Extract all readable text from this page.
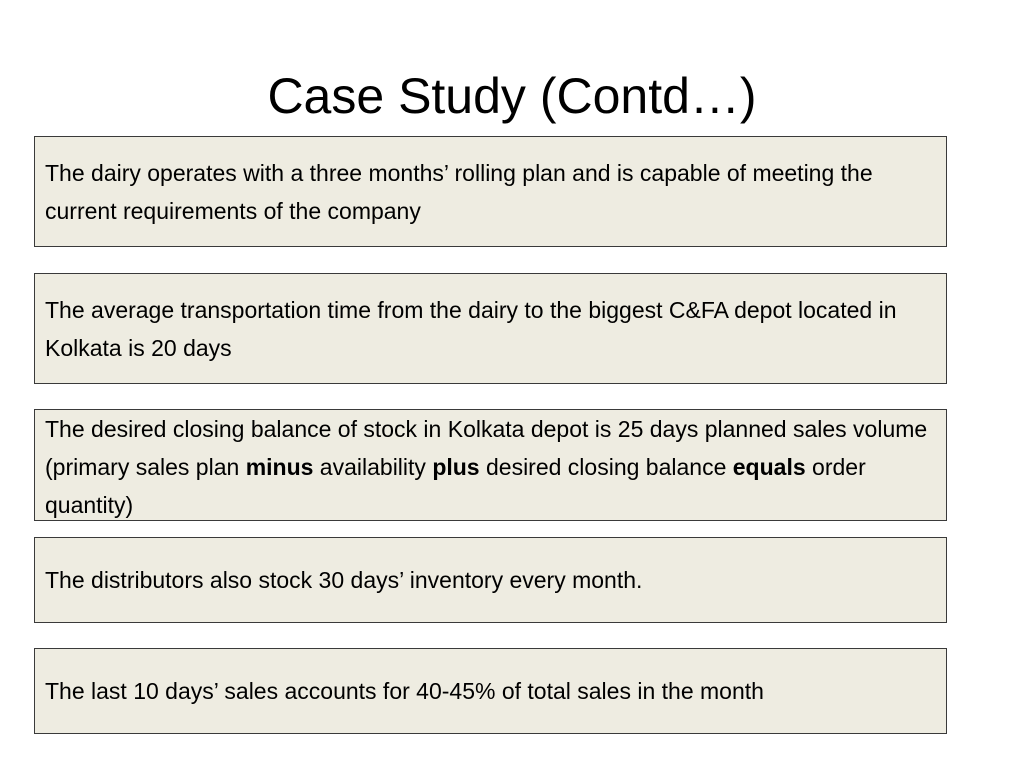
Case Study (Contd…)
The dairy operates with a three months’ rolling plan and is capable of meeting the current requirements of the company
The average transportation time from the dairy to the biggest C&FA depot located in Kolkata is 20 days
The desired closing balance of stock in Kolkata depot is 25 days planned sales volume (primary sales plan minus availability plus desired closing balance equals order quantity)
The distributors also stock 30 days’ inventory every month.
The last 10 days’ sales accounts for 40-45% of total sales in the month
